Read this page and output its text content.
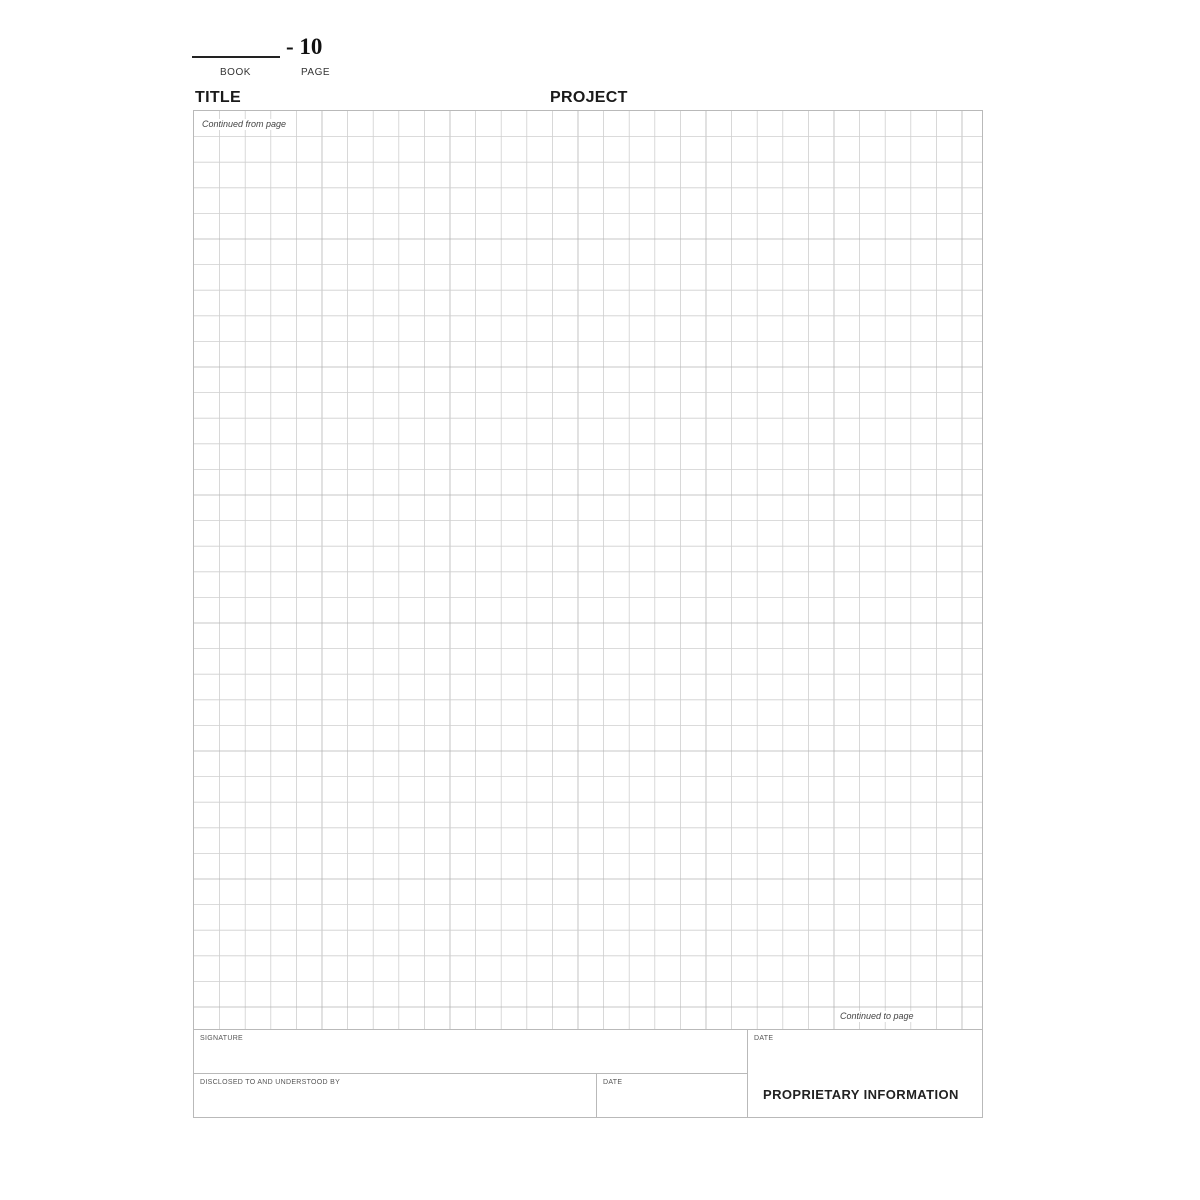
- 10
BOOK	PAGE
TITLE	PROJECT
Continued from page
Continued to page
SIGNATURE	DATE
DISCLOSED TO AND UNDERSTOOD BY	DATE
PROPRIETARY INFORMATION
